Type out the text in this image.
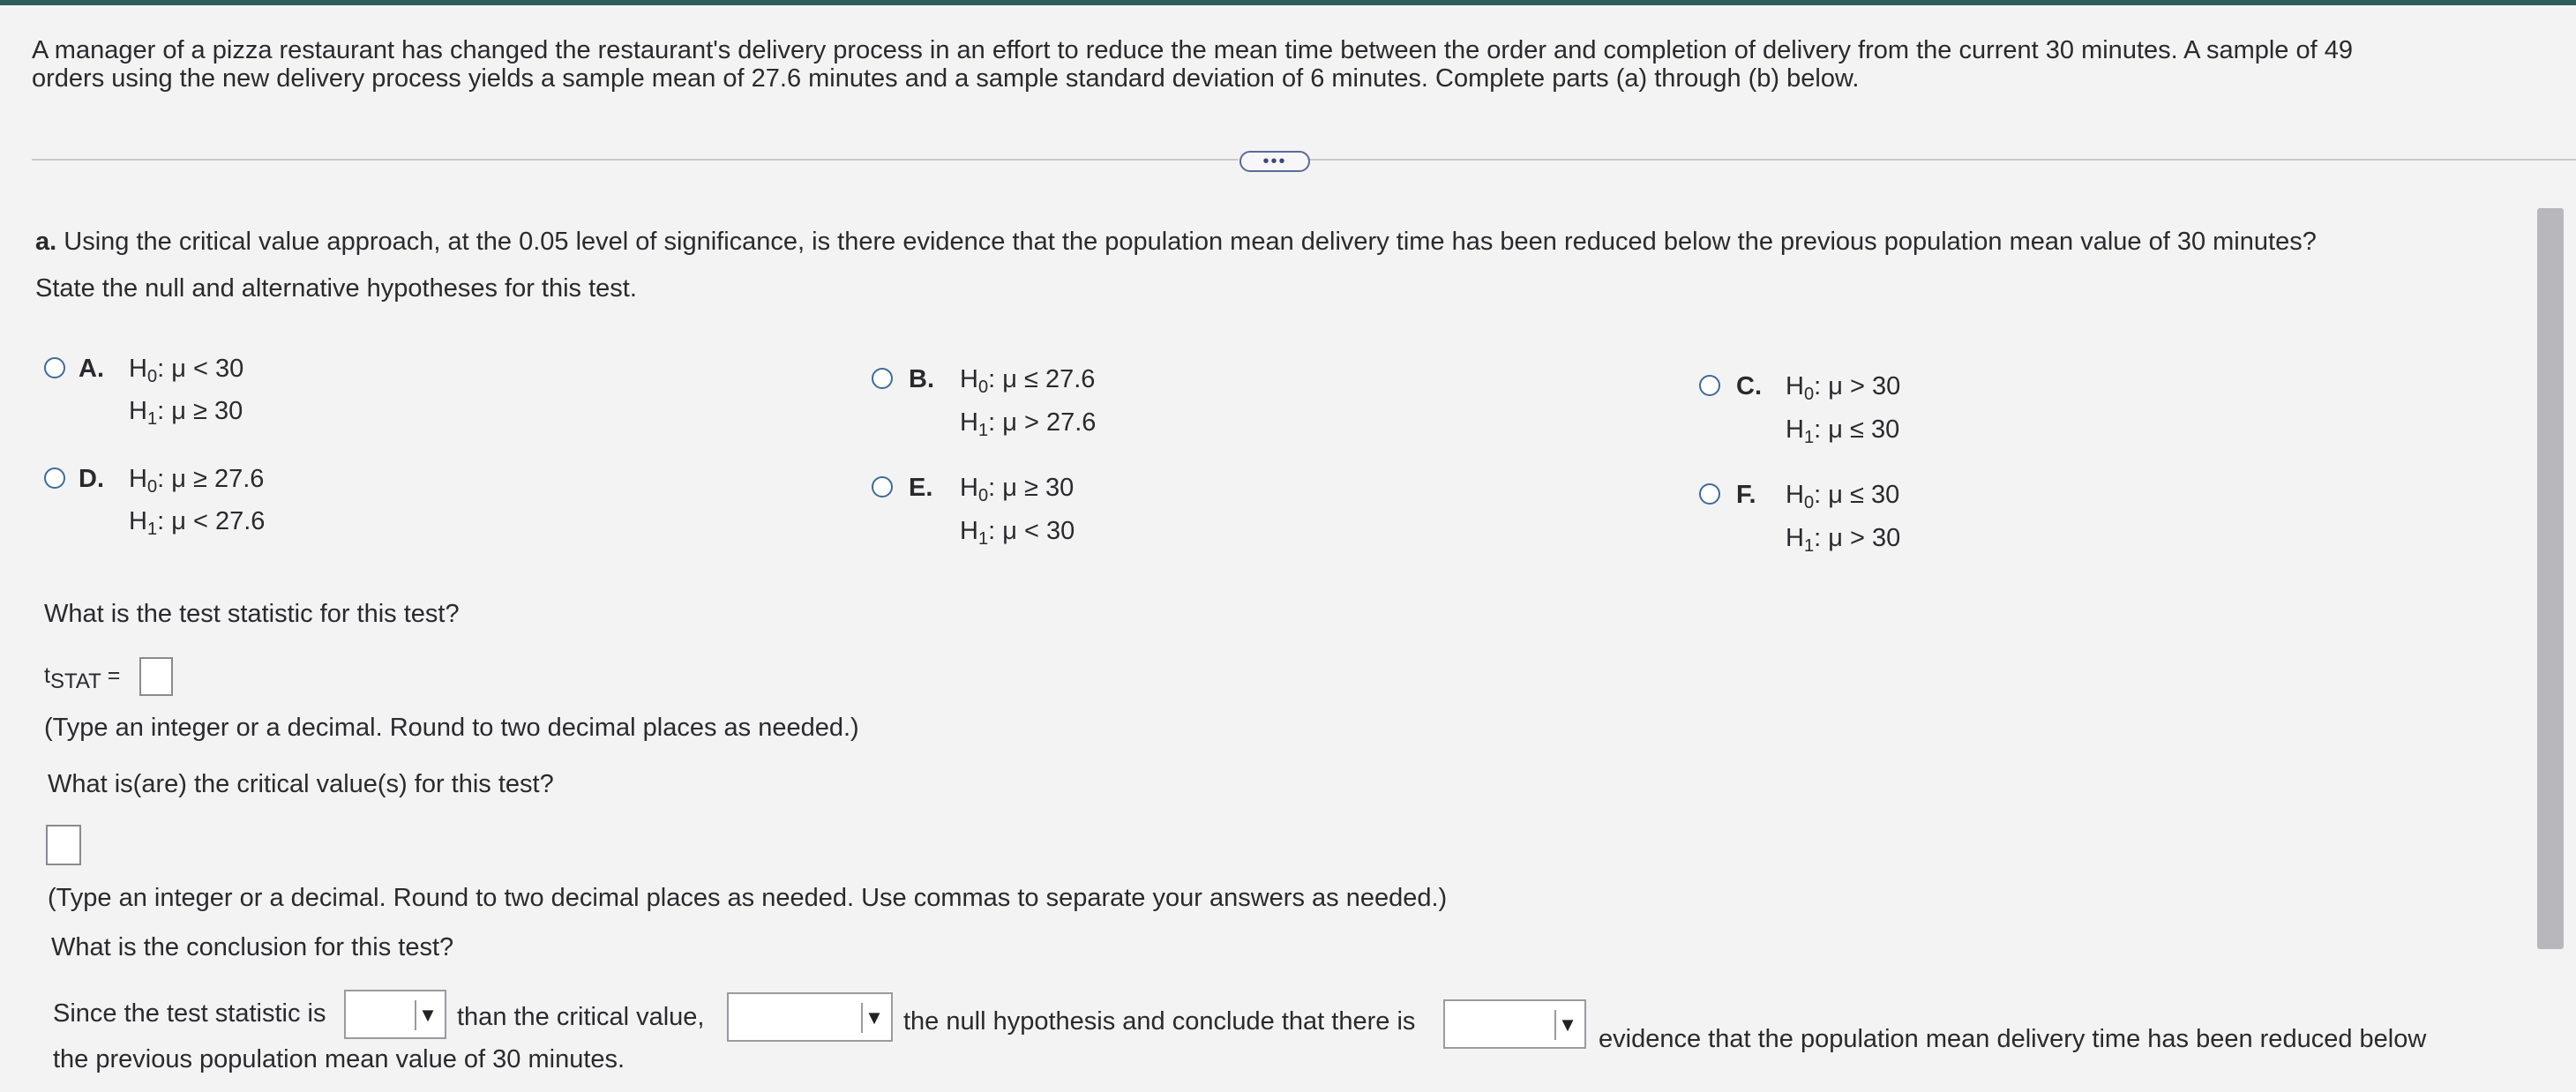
A manager of a pizza restaurant has changed the restaurant's delivery process in an effort to reduce the mean time between the order and completion of delivery from the current 30 minutes. A sample of 49
orders using the new delivery process yields a sample mean of 27.6 minutes and a sample standard deviation of 6 minutes. Complete parts (a) through (b) below.
•••
a. Using the critical value approach, at the 0.05 level of significance, is there evidence that the population mean delivery time has been reduced below the previous population mean value of 30 minutes?
State the null and alternative hypotheses for this test.
A. $H_0$: μ < 30
$H_1$: μ ≥ 30
B. $H_0$: μ ≤ 27.6
$H_1$: μ > 27.6
C. $H_0$: μ > 30
$H_1$: μ ≤ 30
D. $H_0$: μ ≥ 27.6
$H_1$: μ < 27.6
E. $H_0$: μ ≥ 30
$H_1$: μ < 30
F. $H_0$: μ ≤ 30
$H_1$: μ > 30
What is the test statistic for this test?
$t_{STAT}$ =
(Type an integer or a decimal. Round to two decimal places as needed.)
What is(are) the critical value(s) for this test?
(Type an integer or a decimal. Round to two decimal places as needed. Use commas to separate your answers as needed.)
What is the conclusion for this test?
Since the test statistic is	▼ than the critical value,	▼ the null hypothesis and conclude that there is	▼
evidence that the population mean delivery time has been reduced below
the previous population mean value of 30 minutes.
